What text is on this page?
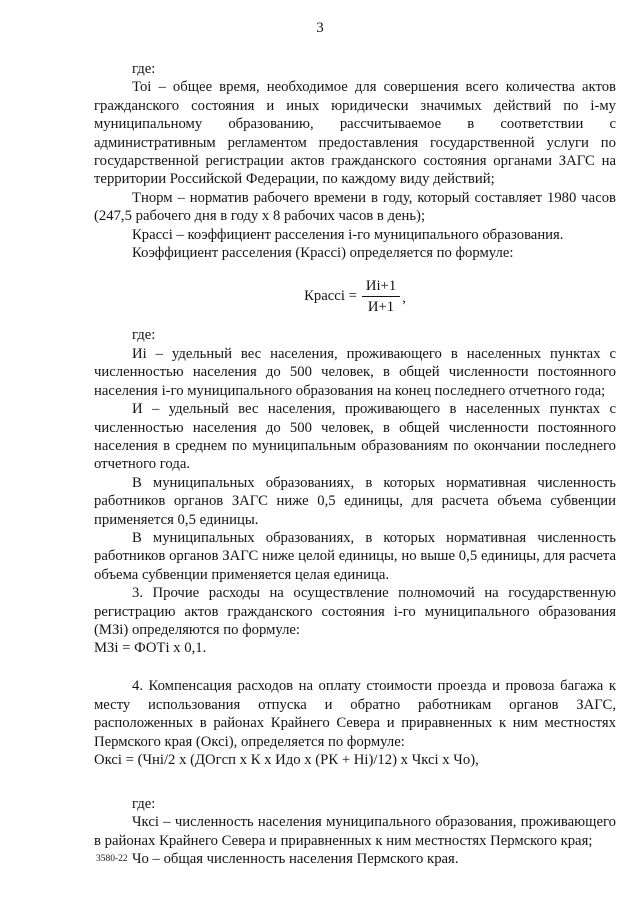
3

где:

Toi – общее время, необходимое для совершения всего количества актов гражданского состояния и иных юридически значимых действий по i-му муниципальному образованию, рассчитываемое в соответствии с административным регламентом предоставления государственной услуги по государственной регистрации актов гражданского состояния органами ЗАГС на территории Российской Федерации, по каждому виду действий;

Тнорм – норматив рабочего времени в году, который составляет 1980 часов (247,5 рабочего дня в году х 8 рабочих часов в день);

Крассі – коэффициент расселения i-го муниципального образования.

Коэффициент расселения (Крассі) определяется по формуле:

Крассі = $\frac{Иi+1}{И+1}$ ,

где:

Иi – удельный вес населения, проживающего в населенных пунктах с численностью населения до 500 человек, в общей численности постоянного населения i-го муниципального образования на конец последнего отчетного года;

И – удельный вес населения, проживающего в населенных пунктах с численностью населения до 500 человек, в общей численности постоянного населения в среднем по муниципальным образованиям по окончании последнего отчетного года.

В муниципальных образованиях, в которых нормативная численность работников органов ЗАГС ниже 0,5 единицы, для расчета объема субвенции применяется 0,5 единицы.

В муниципальных образованиях, в которых нормативная численность работников органов ЗАГС ниже целой единицы, но выше 0,5 единицы, для расчета объема субвенции применяется целая единица.

3. Прочие расходы на осуществление полномочий на государственную регистрацию актов гражданского состояния i-го муниципального образования (МЗi) определяются по формуле:

МЗi = ФОТi х 0,1.

4. Компенсация расходов на оплату стоимости проезда и провоза багажа к месту использования отпуска и обратно работникам органов ЗАГС, расположенных в районах Крайнего Севера и приравненных к ним местностях Пермского края (Оксі), определяется по формуле:

Оксі = (Чнi/2 х (ДОгсп х К х Идо х (РК + Нi)/12) х Чксі х Чо),

где:

Чксі – численность населения муниципального образования, проживающего в районах Крайнего Севера и приравненных к ним местностях Пермского края;

Чо – общая численность населения Пермского края.

3580-22
